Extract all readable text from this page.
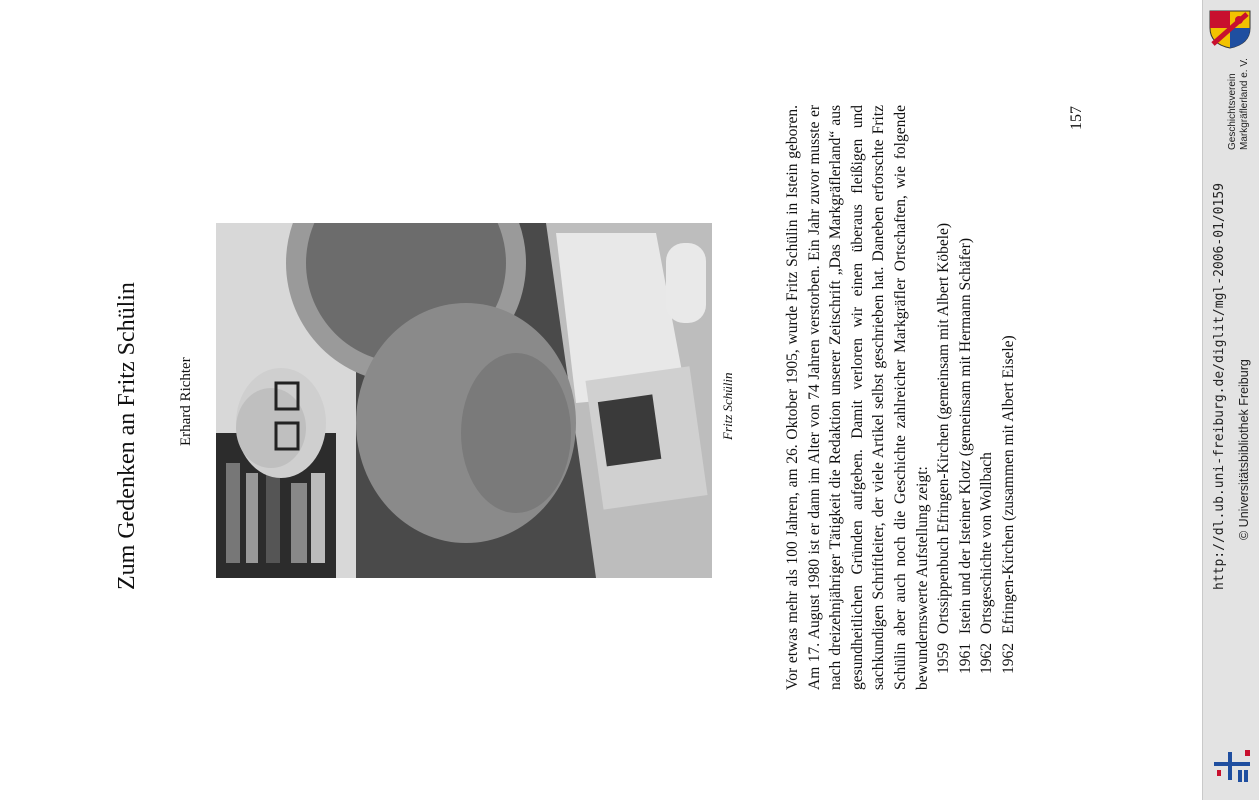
Zum Gedenken an Fritz Schülin	Erhard Richter	Fritz Schülin	Vor etwas mehr als 100 Jahren, am 26. Oktober 1905, wurde Fritz Schülin in Istein geboren. Am 17. August 1980 ist er dann im Alter von 74 Jahren verstorben. Ein Jahr zuvor musste er nach dreizehnjähriger Tätigkeit die Redaktion unserer Zeitschrift „Das Markgräflerland“ aus gesundheitlichen Gründen aufgeben. Damit verloren wir einen überaus fleißigen und sachkundigen Schriftleiter, der viele Artikel selbst geschrieben hat. Daneben erforschte Fritz Schülin aber auch noch die Geschichte zahlreicher Markgräfler Ortschaften, wie folgende bewundernswerte Aufstellung zeigt: 1959
Ortssippenbuch Efringen-Kirchen (gemeinsam mit Albert Köbele)
1961
Istein und der Isteiner Klotz (gemeinsam mit Hermann Schäfer)
1962
Ortsgeschichte von Wollbach
1962
Efringen-Kirchen (zusammen mit Albert Eisele)
157	Geschichtsverein Markgräflerland e. V.
http://dl.ub.uni-freiburg.de/diglit/mgl-2006-01/0159 © Universitätsbibliothek Freiburg
